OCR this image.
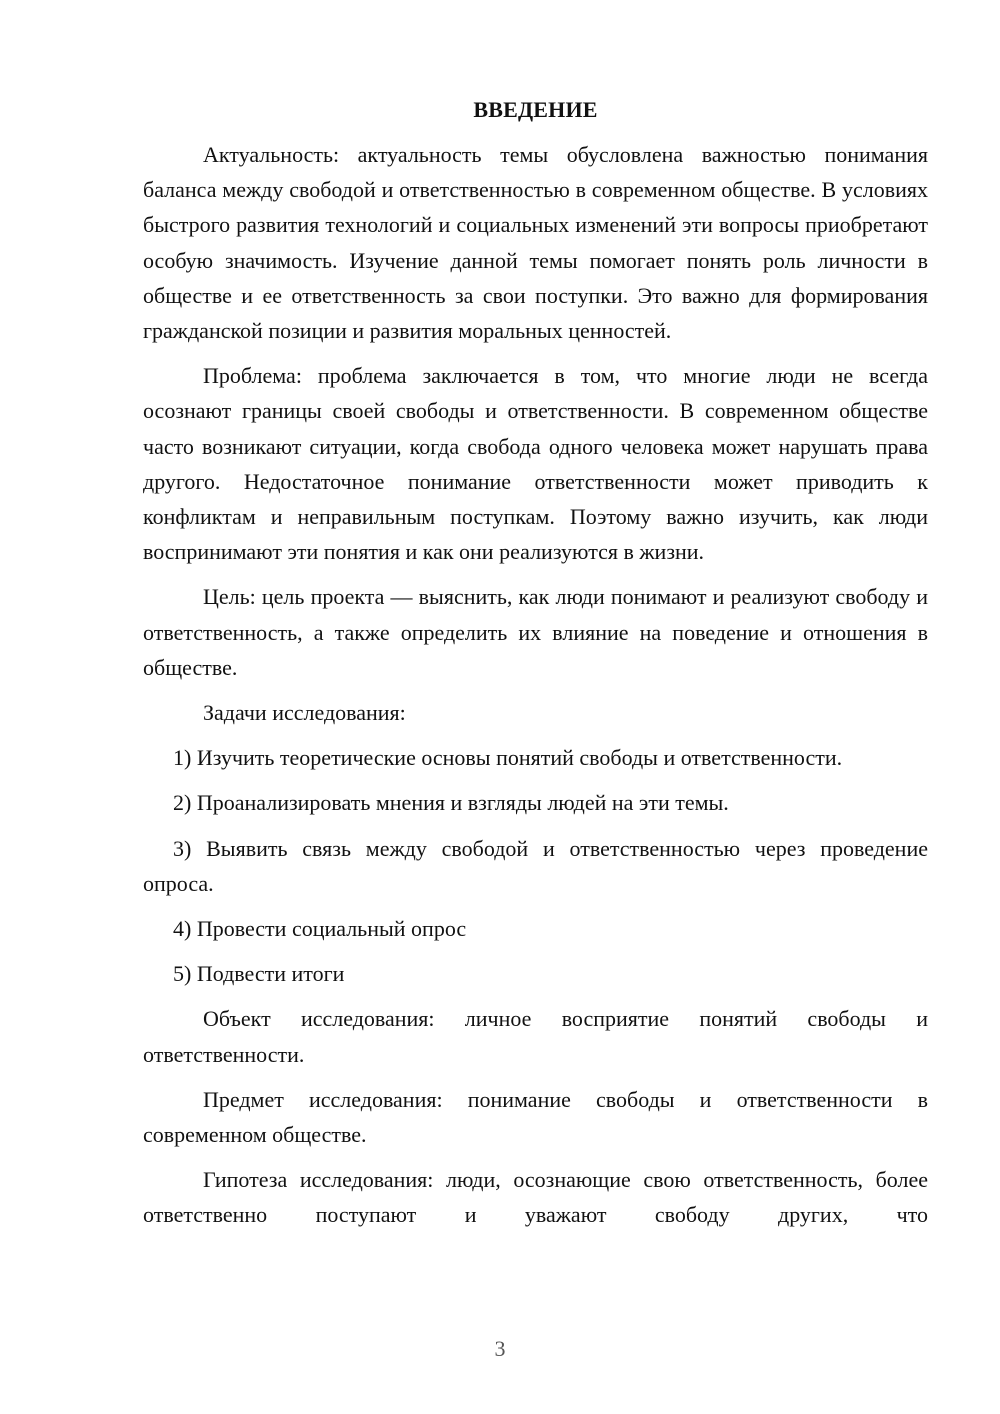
ВВЕДЕНИЕ

Актуальность: актуальность темы обусловлена важностью понимания баланса между свободой и ответственностью в современном обществе. В условиях быстрого развития технологий и социальных изменений эти вопросы приобретают особую значимость. Изучение данной темы помогает понять роль личности в обществе и ее ответственность за свои поступки. Это важно для формирования гражданской позиции и развития моральных ценностей.

Проблема: проблема заключается в том, что многие люди не всегда осознают границы своей свободы и ответственности. В современном обществе часто возникают ситуации, когда свобода одного человека может нарушать права другого. Недостаточное понимание ответственности может приводить к конфликтам и неправильным поступкам. Поэтому важно изучить, как люди воспринимают эти понятия и как они реализуются в жизни.

Цель: цель проекта — выяснить, как люди понимают и реализуют свободу и ответственность, а также определить их влияние на поведение и отношения в обществе.

Задачи исследования:

1) Изучить теоретические основы понятий свободы и ответственности.

2) Проанализировать мнения и взгляды людей на эти темы.

3) Выявить связь между свободой и ответственностью через проведение опроса.

4) Провести социальный опрос

5) Подвести итоги

Объект исследования: личное восприятие понятий свободы и ответственности.

Предмет исследования: понимание свободы и ответственности в современном обществе.

Гипотеза исследования: люди, осознающие свою ответственность, более ответственно поступают и уважают свободу других, что

3
